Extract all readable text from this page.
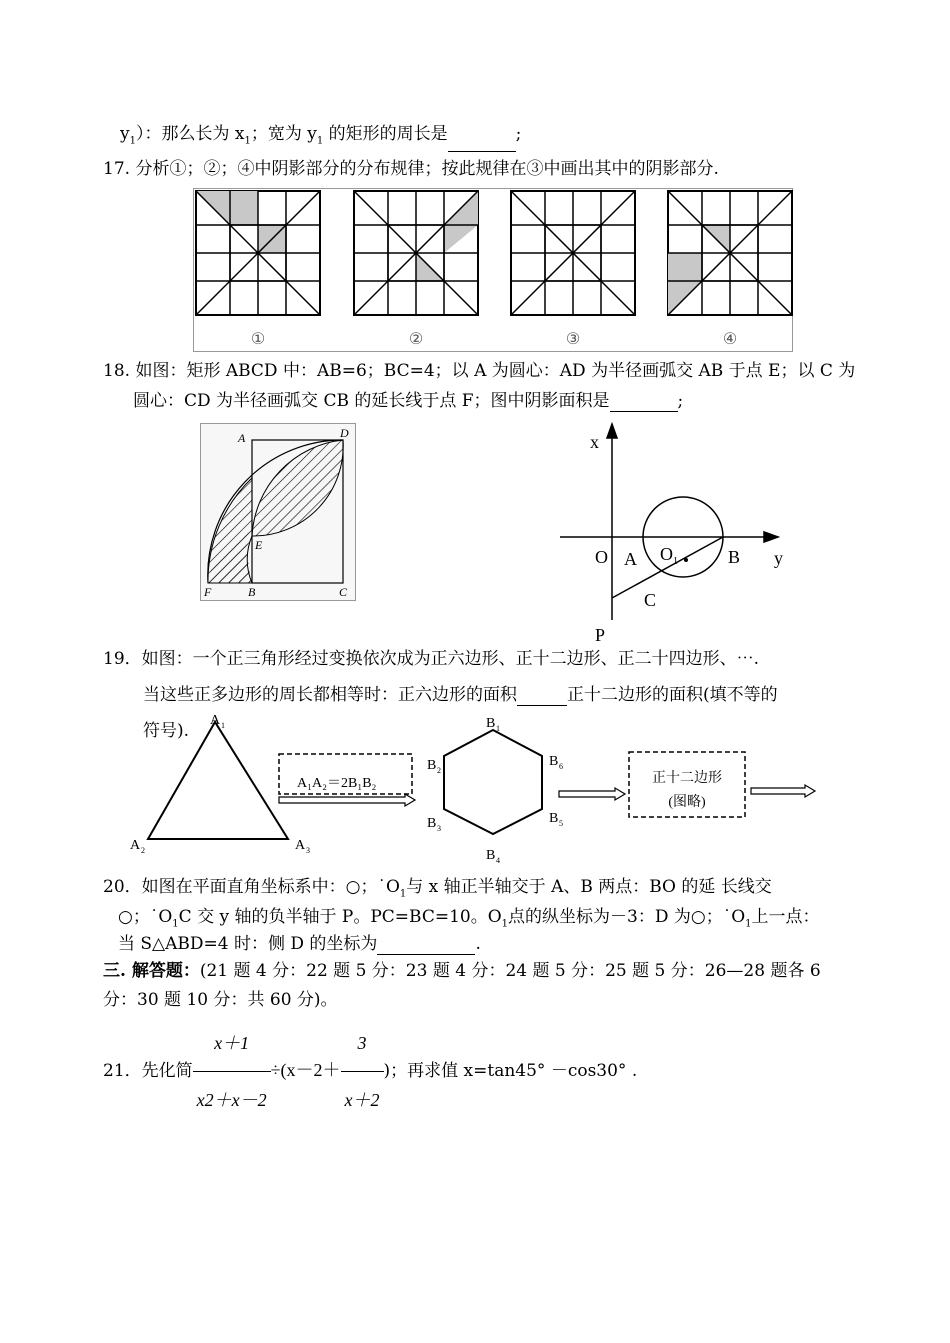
$y_1$）：那么长为 $x_1$；宽为 $y_1$ 的矩形的周长是	;
17. 分析①；②；④中阴影部分的分布规律；按此规律在③中画出其中的阴影部分.
①	②	③	④
18. 如图：矩形 ABCD 中：AB=6；BC=4；以 A 为圆心：AD 为半径画弧交 AB 于点 E；以 C 为
圆心：CD 为半径画弧交 CB 的延长线于点 F；图中阴影面积是	;
A	D
E
F	B	C
x
y
O A $O_1$	B
C
P
19．如图：一个正三角形经过变换依次成为正六边形、正十二边形、正二十四边形、⋯.
当这些正多边形的周长都相等时：正六边形的面积	正十二边形的面积(填不等的
符号).
A 1
A 2	A 3
A₁A₂＝2B₁B₂
B 1
B 2
B 3
B 4
B 5
B 6
正十二边形
(图略)
20．如图在平面直角坐标系中：○；$˙O_1$与 x 轴正半轴交于 A、B 两点：BO 的延 长线交
○；$˙O_1C$ 交 y 轴的负半轴于 P。PC=BC=10。$O_1$点的纵坐标为－3：D 为○；$˙O_1$上一点：
当 S△ABD=4 时：侧 D 的坐标为	.
三. 解答题：(21 题 4 分：22 题 5 分：23 题 4 分：24 题 5 分：25 题 5 分：26—28 题各 6
分：30 题 10 分：共 60 分)。
21．先化简 $\frac{x+1}{x2+x-2} \div(x-2+ \frac{3}{x+2}$ )；再求值 x=tan45° －cos30° .
